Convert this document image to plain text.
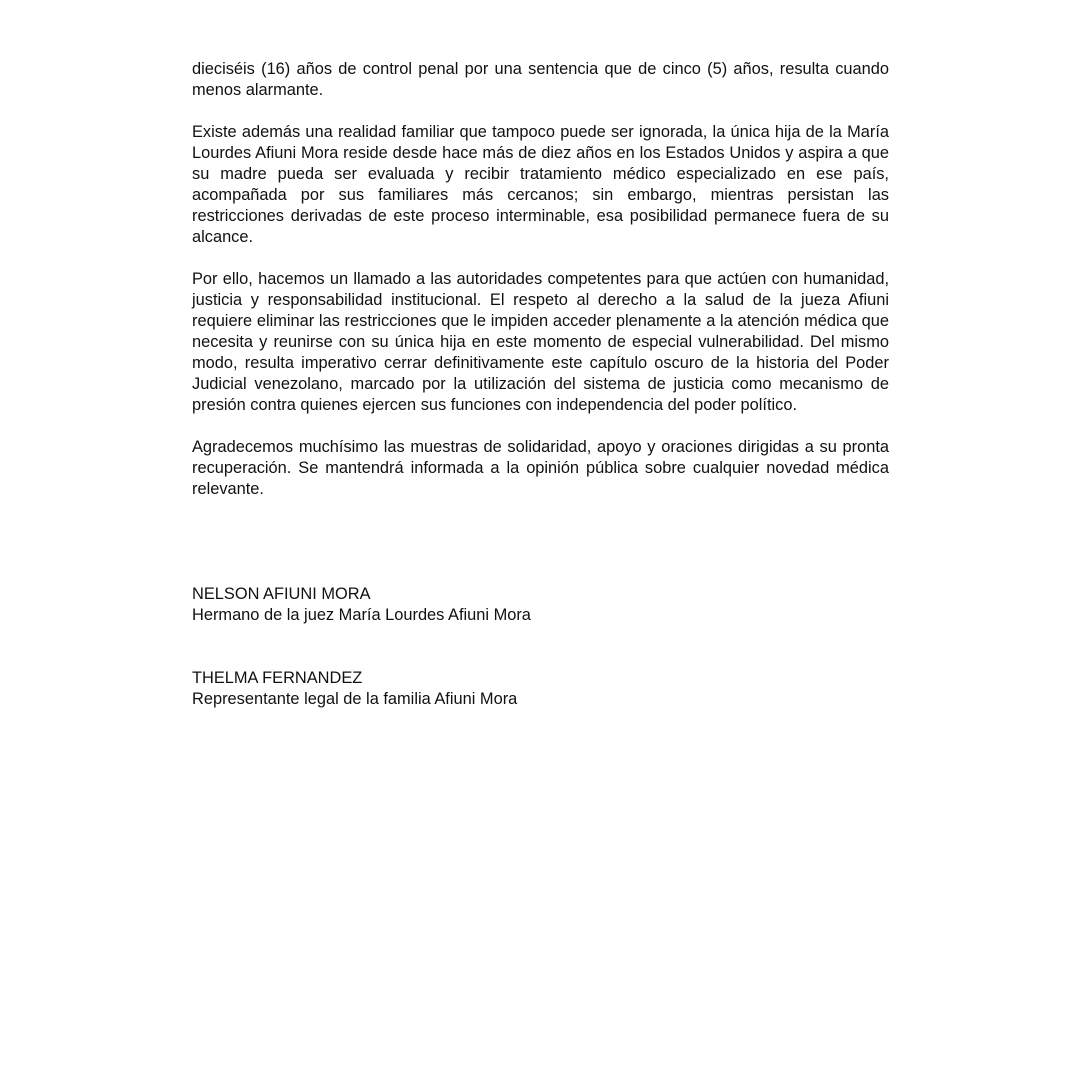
dieciséis (16) años de control penal por una sentencia que de cinco (5) años, resulta cuando menos alarmante.

Existe además una realidad familiar que tampoco puede ser ignorada, la única hija de la María Lourdes Afiuni Mora reside desde hace más de diez años en los Estados Unidos y aspira a que su madre pueda ser evaluada y recibir tratamiento médico especializado en ese país, acompañada por sus familiares más cercanos; sin embargo, mientras persistan las restricciones derivadas de este proceso interminable, esa posibilidad permanece fuera de su alcance.

Por ello, hacemos un llamado a las autoridades competentes para que actúen con humanidad, justicia y responsabilidad institucional. El respeto al derecho a la salud de la jueza Afiuni requiere eliminar las restricciones que le impiden acceder plenamente a la atención médica que necesita y reunirse con su única hija en este momento de especial vulnerabilidad. Del mismo modo, resulta imperativo cerrar definitivamente este capítulo oscuro de la historia del Poder Judicial venezolano, marcado por la utilización del sistema de justicia como mecanismo de presión contra quienes ejercen sus funciones con independencia del poder político.

Agradecemos muchísimo las muestras de solidaridad, apoyo y oraciones dirigidas a su pronta recuperación. Se mantendrá informada a la opinión pública sobre cualquier novedad médica relevante.

NELSON AFIUNI MORA
Hermano de la juez María Lourdes Afiuni Mora
THELMA FERNANDEZ
Representante legal de la familia Afiuni Mora
